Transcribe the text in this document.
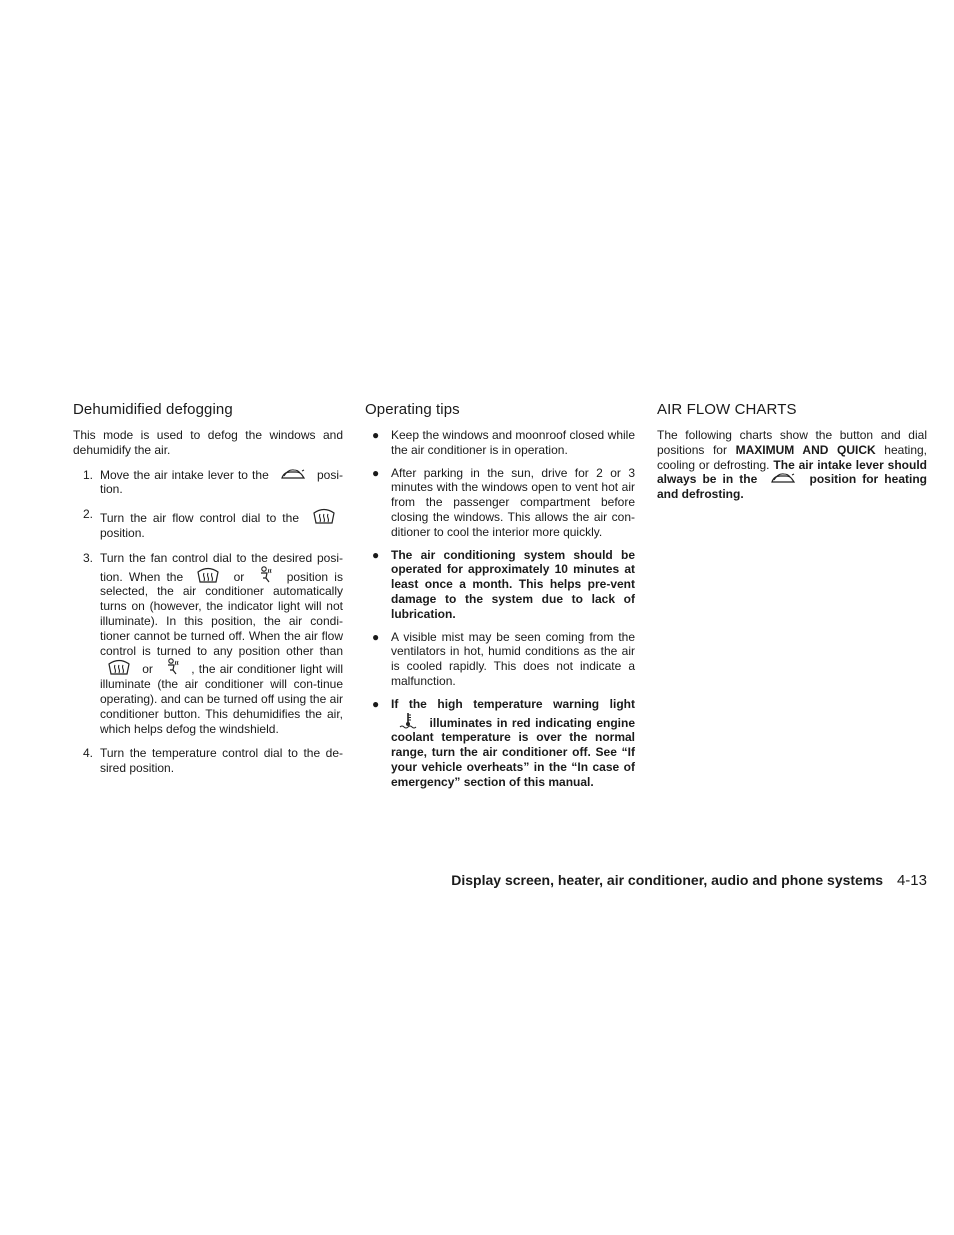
Dehumidified defogging

This mode is used to defog the windows and dehumidify the air.

1. Move the air intake lever to the	posi-tion.
2. Turn the air flow control dial to the
position.
3. Turn the fan control dial to the desired posi-tion. When the	or	position is selected, the air conditioner automatically turns on (however, the indicator light will not illuminate). In this position, the air condi-tioner cannot be turned off. When the air flow control is turned to any position other than
or	, the air conditioner light will illuminate (the air conditioner will con-tinue operating). and can be turned off using the air conditioner button. This dehumidifies the air, which helps defog the windshield.
4. Turn the temperature control dial to the de-sired position.
Operating tips
● Keep the windows and moonroof closed while the air conditioner is in operation.
● After parking in the sun, drive for 2 or 3 minutes with the windows open to vent hot air from the passenger compartment before closing the windows. This allows the air con-ditioner to cool the interior more quickly.
● The air conditioning system should be operated for approximately 10 minutes at least once a month. This helps pre-vent damage to the system due to lack of lubrication.
● A visible mist may be seen coming from the ventilators in hot, humid conditions as the air is cooled rapidly. This does not indicate a malfunction.
● If the high temperature warning light
illuminates in red indicating engine coolant temperature is over the normal range, turn the air conditioner off. See “If your vehicle overheats” in the “In case of emergency” section of this manual.
AIR FLOW CHARTS

The following charts show the button and dial positions for MAXIMUM AND QUICK heating, cooling or defrosting. The air intake lever should always be in the	position for heating and defrosting.

Display screen, heater, air conditioner, audio and phone systems 4-13
